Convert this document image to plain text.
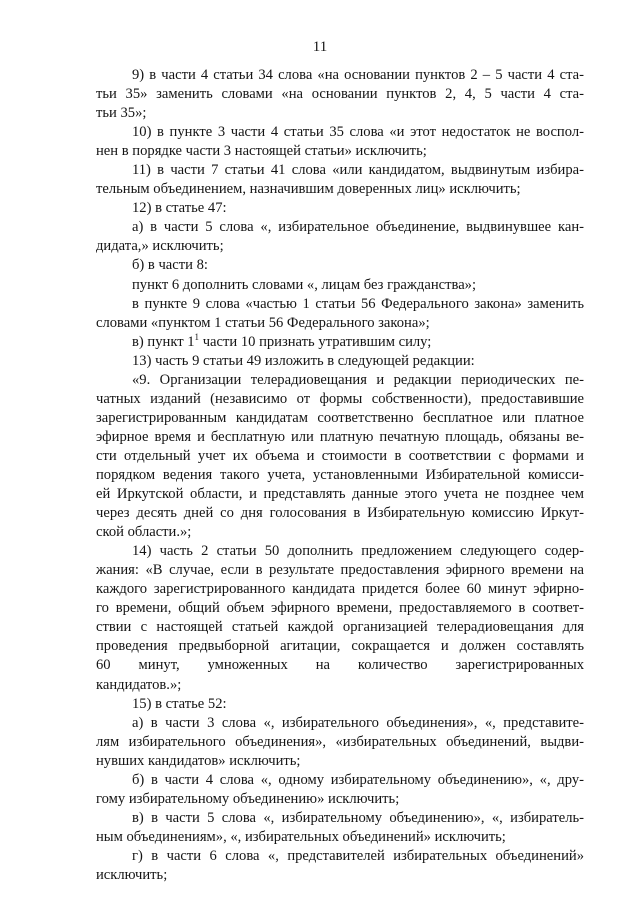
11
9) в части 4 статьи 34 слова «на основании пунктов 2 – 5 части 4 ста-
тьи 35» заменить словами «на основании пунктов 2, 4, 5 части 4 ста-
тьи 35»;
10) в пункте 3 части 4 статьи 35 слова «и этот недостаток не воспол-
нен в порядке части 3 настоящей статьи» исключить;
11) в части 7 статьи 41 слова «или кандидатом, выдвинутым избира-
тельным объединением, назначившим доверенных лиц» исключить;
12) в статье 47:
а) в части 5 слова «, избирательное объединение, выдвинувшее кан-
дидата,» исключить;
б) в части 8:
пункт 6 дополнить словами «, лицам без гражданства»;
в пункте 9 слова «частью 1 статьи 56 Федерального закона» заменить
словами «пунктом 1 статьи 56 Федерального закона»;
в) пункт $1^1$ части 10 признать утратившим силу;
13) часть 9 статьи 49 изложить в следующей редакции:
«9. Организации телерадиовещания и редакции периодических пе-
чатных изданий (независимо от формы собственности), предоставившие
зарегистрированным кандидатам соответственно бесплатное или платное
эфирное время и бесплатную или платную печатную площадь, обязаны ве-
сти отдельный учет их объема и стоимости в соответствии с формами и
порядком ведения такого учета, установленными Избирательной комисси-
ей Иркутской области, и представлять данные этого учета не позднее чем
через десять дней со дня голосования в Избирательную комиссию Иркут-
ской области.»;
14) часть 2 статьи 50 дополнить предложением следующего содер-
жания: «В случае, если в результате предоставления эфирного времени на
каждого зарегистрированного кандидата придется более 60 минут эфирно-
го времени, общий объем эфирного времени, предоставляемого в соответ-
ствии с настоящей статьей каждой организацией телерадиовещания для
проведения предвыборной агитации, сокращается и должен составлять
60 минут, умноженных на количество зарегистрированных
кандидатов.»;
15) в статье 52:
а) в части 3 слова «, избирательного объединения», «, представите-
лям избирательного объединения», «избирательных объединений, выдви-
нувших кандидатов» исключить;
б) в части 4 слова «, одному избирательному объединению», «, дру-
гому избирательному объединению» исключить;
в) в части 5 слова «, избирательному объединению», «, избиратель-
ным объединениям», «, избирательных объединений» исключить;
г) в части 6 слова «, представителей избирательных объединений»
исключить;
